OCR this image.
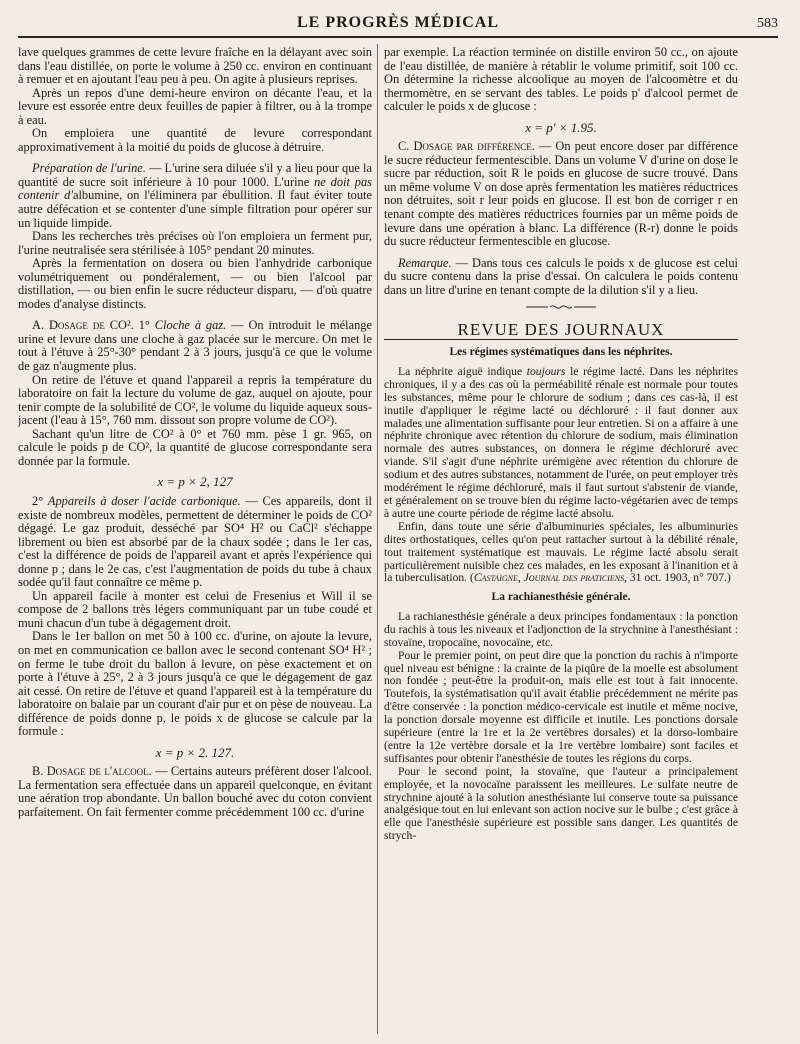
LE PROGRÈS MÉDICAL	583

lave quelques grammes de cette levure fraîche en la délayant avec soin dans l'eau distillée, on porte le volume à 250 cc. environ en continuant à remuer et en ajoutant l'eau peu à peu. On agite à plusieurs reprises.

Après un repos d'une demi-heure environ on décante l'eau, et la levure est essorée entre deux feuilles de papier à filtrer, ou à la trompe à eau.

On emploiera une quantité de levure correspondant approximativement à la moitié du poids de glucose à détruire.

Préparation de l'urine. — L'urine sera diluée s'il y a lieu pour que la quantité de sucre soit inférieure à 10 pour 1000. L'urine ne doit pas contenir d'albumine, on l'éliminera par ébullition. Il faut éviter toute autre défécation et se contenter d'une simple filtration pour opérer sur un liquide limpide.

Dans les recherches très précises où l'on emploiera un ferment pur, l'urine neutralisée sera stérilisée à 105° pendant 20 minutes.

Après la fermentation on dosera ou bien l'anhydride carbonique volumétriquement ou pondéralement, — ou bien l'alcool par distillation, — ou bien enfin le sucre réducteur disparu, — d'où quatre modes d'analyse distincts.

A. Dosage de CO². 1° Cloche à gaz. — On introduit le mélange urine et levure dans une cloche à gaz placée sur le mercure. On met le tout à l'étuve à 25°-30° pendant 2 à 3 jours, jusqu'à ce que le volume de gaz n'augmente plus.

On retire de l'étuve et quand l'appareil a repris la température du laboratoire on fait la lecture du volume de gaz, auquel on ajoute, pour tenir compte de la solubilité de CO², le volume du liquide aqueux sous-jacent (l'eau à 15°, 760 mm. dissout son propre volume de CO²).

Sachant qu'un litre de CO² à 0° et 760 mm. pèse 1 gr. 965, on calcule le poids p de CO², la quantité de glucose correspondante sera donnée par la formule.

x = p × 2, 127

2° Appareils à doser l'acide carbonique. — Ces appareils, dont il existe de nombreux modèles, permettent de déterminer le poids de CO² dégagé. Le gaz produit, desséché par SO⁴ H² ou CaCl² s'échappe librement ou bien est absorbé par de la chaux sodée ; dans le 1er cas, c'est la différence de poids de l'appareil avant et après l'expérience qui donne p ; dans le 2e cas, c'est l'augmentation de poids du tube à chaux sodée qu'il faut connaître ce même p.

Un appareil facile à monter est celui de Fresenius et Will il se compose de 2 ballons très légers communiquant par un tube coudé et muni chacun d'un tube à dégagement droit.

Dans le 1er ballon on met 50 à 100 cc. d'urine, on ajoute la levure, on met en communication ce ballon avec le second contenant SO⁴ H² ; on ferme le tube droit du ballon à levure, on pèse exactement et on porte à l'étuve à 25°, 2 à 3 jours jusqu'à ce que le dégagement de gaz ait cessé. On retire de l'étuve et quand l'appareil est à la température du laboratoire on balaie par un courant d'air pur et on pèse de nouveau. La différence de poids donne p, le poids x de glucose se calcule par la formule :

x = p × 2. 127.

B. Dosage de l'alcool. — Certains auteurs préfèrent doser l'alcool. La fermentation sera effectuée dans un appareil quelconque, en évitant une aération trop abondante. Un ballon bouché avec du coton convient parfaitement. On fait fermenter comme précédemment 100 cc. d'urine

par exemple. La réaction terminée on distille environ 50 cc., on ajoute de l'eau distillée, de manière à rétablir le volume primitif, soit 100 cc. On détermine la richesse alcoolique au moyen de l'alcoomètre et du thermomètre, en se servant des tables. Le poids p' d'alcool permet de calculer le poids x de glucose :

x = p' × 1.95.

C. Dosage par différence. — On peut encore doser par différence le sucre réducteur fermentescible. Dans un volume V d'urine on dose le sucre par réduction, soit R le poids en glucose de sucre trouvé. Dans un même volume V on dose après fermentation les matières réductrices non détruites, soit r leur poids en glucose. Il est bon de corriger r en tenant compte des matières réductrices fournies par un même poids de levure dans une opération à blanc. La différence (R-r) donne le poids du sucre réducteur fermentescible en glucose.

Remarque. — Dans tous ces calculs le poids x de glucose est celui du sucre contenu dans la prise d'essai. On calculera le poids contenu dans un litre d'urine en tenant compte de la dilution s'il y a lieu.

REVUE DES JOURNAUX
Les régimes systématiques dans les néphrites.

La néphrite aiguë indique toujours le régime lacté. Dans les néphrites chroniques, il y a des cas où la perméabilité rénale est normale pour toutes les substances, même pour le chlorure de sodium ; dans ces cas-là, il est inutile d'appliquer le régime lacté ou déchloruré : il faut donner aux malades une alimentation suffisante pour leur entretien. Si on a affaire à une néphrite chronique avec rétention du chlorure de sodium, mais élimination normale des autres substances, on donnera le régime déchloruré avec viande. S'il s'agit d'une néphrite urémigène avec rétention du chlorure de sodium et des autres substances, notamment de l'urée, on peut employer très modérément le régime déchloruré, mais il faut surtout s'abstenir de viande, et généralement on se trouve bien du régime lacto-végétarien avec de temps à autre une courte période de régime lacté absolu.

Enfin, dans toute une série d'albuminuries spéciales, les albuminuries dites orthostatiques, celles qu'on peut rattacher surtout à la débilité rénale, tout traitement systématique est mauvais. Le régime lacté absolu serait particulièrement nuisible chez ces malades, en les exposant à l'inanition et à la tuberculisation. (Castaigne, Journal des praticiens, 31 oct. 1903, n° 707.)

La rachianesthésie générale.

La rachianesthésie générale a deux principes fondamentaux : la ponction du rachis à tous les niveaux et l'adjonction de la strychnine à l'anesthésiant : stovaïne, tropocaïne, novocaïne, etc.

Pour le premier point, on peut dire que la ponction du rachis à n'importe quel niveau est bénigne : la crainte de la piqûre de la moelle est absolument non fondée ; peut-être la produit-on, mais elle est tout à fait innocente. Toutefois, la systématisation qu'il avait établie précédemment ne mérite pas d'être conservée : la ponction médico-cervicale est inutile et même nocive, la ponction dorsale moyenne est difficile et inutile. Les ponctions dorsale supérieure (entre la 1re et la 2e vertèbres dorsales) et la dorso-lombaire (entre la 12e vertèbre dorsale et la 1re vertèbre lombaire) sont faciles et suffisantes pour obtenir l'anesthésie de toutes les régions du corps.

Pour le second point, la stovaïne, que l'auteur a principalement employée, et la novocaïne paraissent les meilleures. Le sulfate neutre de strychnine ajouté à la solution anesthésiante lui conserve toute sa puissance analgésique tout en lui enlevant son action nocive sur le bulbe ; c'est grâce à elle que l'anesthésie supérieure est possible sans danger. Les quantités de strych-
